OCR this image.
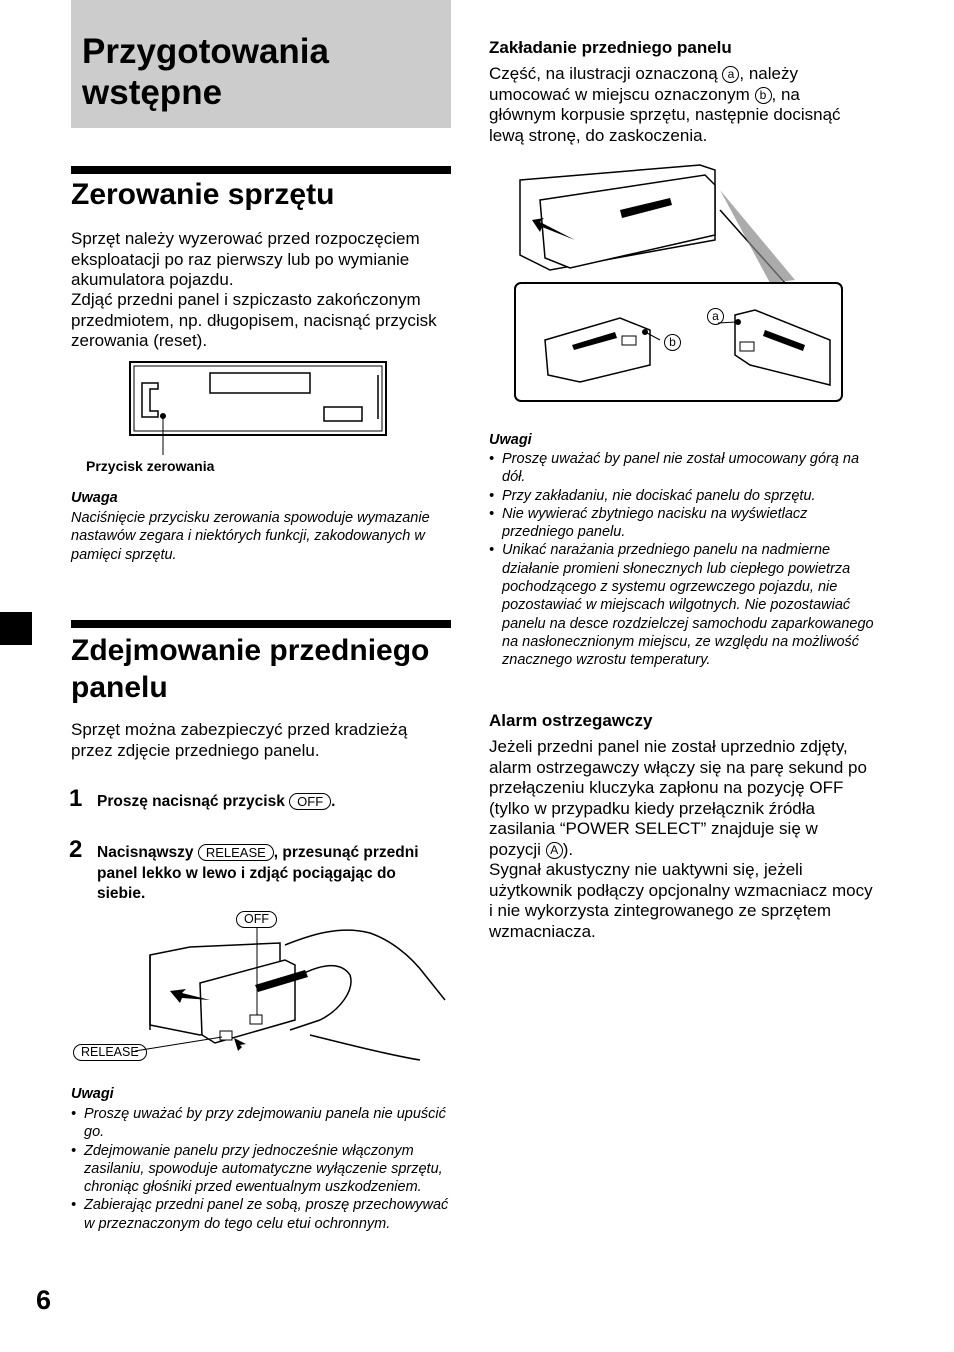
Przygotowania wstępne
Zerowanie sprzętu
Sprzęt należy wyzerować przed rozpoczęciem eksploatacji po raz pierwszy lub po wymianie akumulatora pojazdu.
Zdjąć przedni panel i szpiczasto zakończonym przedmiotem, np. długopisem, nacisnąć przycisk zerowania (reset).
Przycisk zerowania
Uwaga
Naciśnięcie przycisku zerowania spowoduje wymazanie nastawów zegara i niektórych funkcji, zakodowanych w pamięci sprzętu.
Zdejmowanie przedniego panelu
Sprzęt można zabezpieczyć przed kradzieżą przez zdjęcie przedniego panelu.
1 Proszę nacisnąć przycisk OFF .
2 Nacisnąwszy RELEASE , przesunąć przedni panel lekko w lewo i zdjąć pociągając do siebie.
OFF
RELEASE
Uwagi
• Proszę uważać by przy zdejmowaniu panela nie upuścić go.
• Zdejmowanie panelu przy jednocześnie włączonym zasilaniu, spowoduje automatyczne wyłączenie sprzętu, chroniąc głośniki przed ewentualnym uszkodzeniem.
• Zabierając przedni panel ze sobą, proszę przechowywać w przeznaczonym do tego celu etui ochronnym.
Zakładanie przedniego panelu
Część, na ilustracji oznaczoną a , należy umocować w miejscu oznaczonym b , na głównym korpusie sprzętu, następnie docisnąć lewą stronę, do zaskoczenia.
a
b
Uwagi
• Proszę uważać by panel nie został umocowany górą na dół.
• Przy zakładaniu, nie dociskać panelu do sprzętu.
• Nie wywierać zbytniego nacisku na wyświetlacz przedniego panelu.
• Unikać narażania przedniego panelu na nadmierne działanie promieni słonecznych lub ciepłego powietrza pochodzącego z systemu ogrzewczego pojazdu, nie pozostawiać w miejscach wilgotnych. Nie pozostawiać panelu na desce rozdzielczej samochodu zaparkowanego na nasłonecznionym miejscu, ze względu na możliwość znacznego wzrostu temperatury.
Alarm ostrzegawczy
Jeżeli przedni panel nie został uprzednio zdjęty, alarm ostrzegawczy włączy się na parę sekund po przełączeniu kluczyka zapłonu na pozycję OFF (tylko w przypadku kiedy przełącznik źródła zasilania “POWER SELECT” znajduje się w pozycji A ).
Sygnał akustyczny nie uaktywni się, jeżeli użytkownik podłączy opcjonalny wzmacniacz mocy i nie wykorzysta zintegrowanego ze sprzętem wzmacniacza.
6
